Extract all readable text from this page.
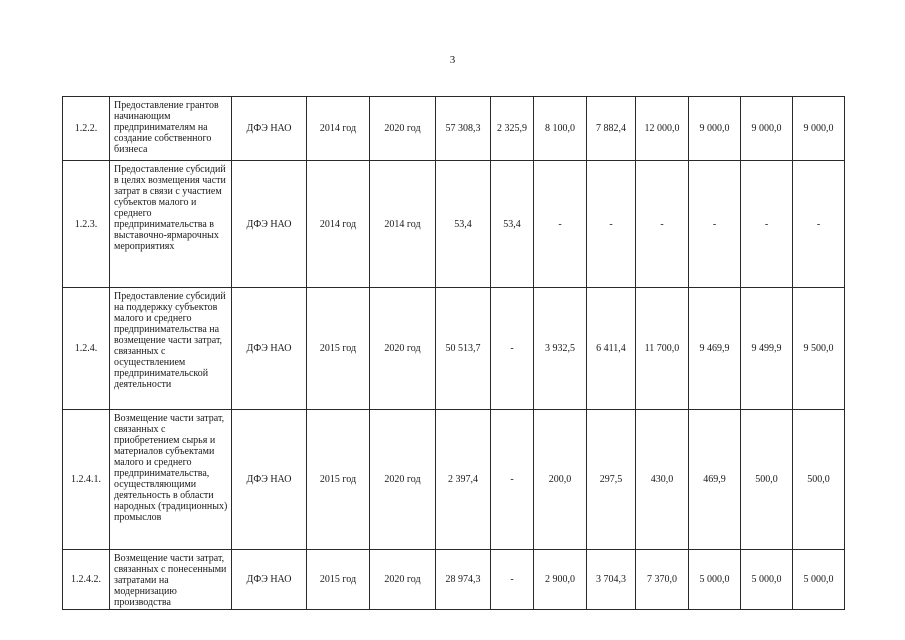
3
1.2.2.	Предоставление грантов начинающим предпринимателям на создание собственного бизнеса	ДФЭ НАО	2014 год	2020 год	57 308,3	2 325,9	8 100,0	7 882,4	12 000,0	9 000,0	9 000,0	9 000,0
1.2.3.	Предоставление субсидий в целях возмещения части затрат в связи с участием субъектов малого и среднего предпринимательства в выставочно-ярмарочных мероприятиях	ДФЭ НАО	2014 год	2014 год	53,4	53,4	-	-	-	-	-	-
1.2.4.	Предоставление субсидий на поддержку субъектов малого и среднего предпринимательства на возмещение части затрат, связанных с осуществлением предпринимательской деятельности	ДФЭ НАО	2015 год	2020 год	50 513,7	-	3 932,5	6 411,4	11 700,0	9 469,9	9 499,9	9 500,0
1.2.4.1.	Возмещение части затрат, связанных с приобретением сырья и материалов субъектами малого и среднего предпринимательства, осуществляющими деятельность в области народных (традиционных) промыслов	ДФЭ НАО	2015 год	2020 год	2 397,4	-	200,0	297,5	430,0	469,9	500,0	500,0
1.2.4.2.	Возмещение части затрат, связанных с понесенными затратами на модернизацию производства	ДФЭ НАО	2015 год	2020 год	28 974,3	-	2 900,0	3 704,3	7 370,0	5 000,0	5 000,0	5 000,0
